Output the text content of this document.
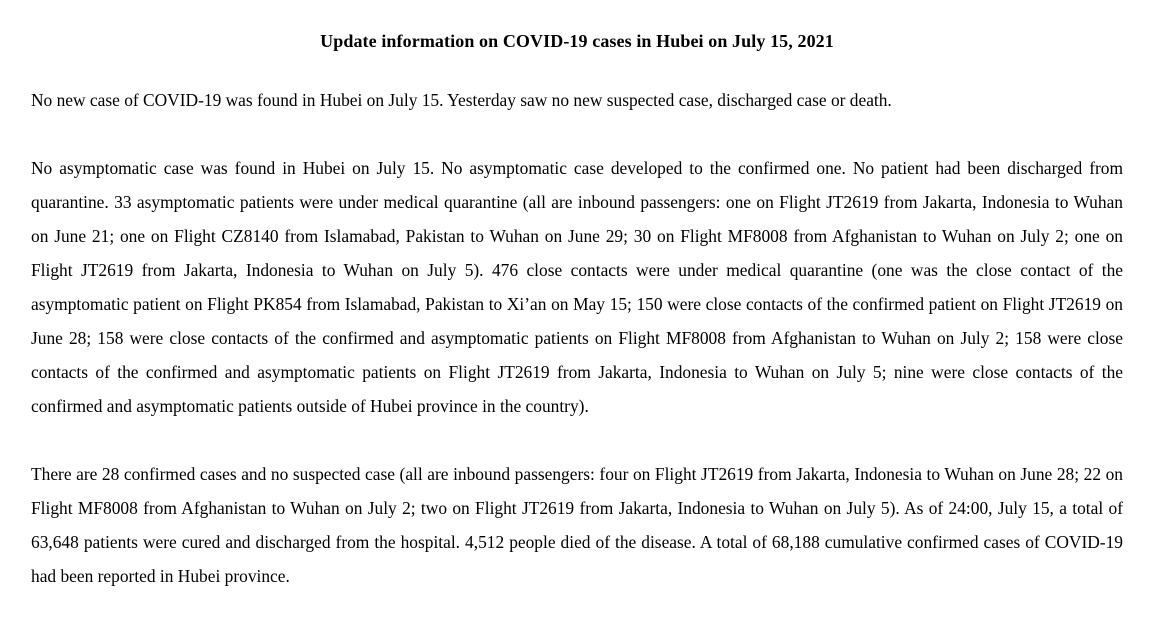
Update information on COVID-19 cases in Hubei on July 15, 2021

No new case of COVID-19 was found in Hubei on July 15. Yesterday saw no new suspected case, discharged case or death.

No asymptomatic case was found in Hubei on July 15. No asymptomatic case developed to the confirmed one. No patient had been discharged from quarantine. 33 asymptomatic patients were under medical quarantine (all are inbound passengers: one on Flight JT2619 from Jakarta, Indonesia to Wuhan on June 21; one on Flight CZ8140 from Islamabad, Pakistan to Wuhan on June 29; 30 on Flight MF8008 from Afghanistan to Wuhan on July 2; one on Flight JT2619 from Jakarta, Indonesia to Wuhan on July 5). 476 close contacts were under medical quarantine (one was the close contact of the asymptomatic patient on Flight PK854 from Islamabad, Pakistan to Xi’an on May 15; 150 were close contacts of the confirmed patient on Flight JT2619 on June 28; 158 were close contacts of the confirmed and asymptomatic patients on Flight MF8008 from Afghanistan to Wuhan on July 2; 158 were close contacts of the confirmed and asymptomatic patients on Flight JT2619 from Jakarta, Indonesia to Wuhan on July 5; nine were close contacts of the confirmed and asymptomatic patients outside of Hubei province in the country).

There are 28 confirmed cases and no suspected case (all are inbound passengers: four on Flight JT2619 from Jakarta, Indonesia to Wuhan on June 28; 22 on Flight MF8008 from Afghanistan to Wuhan on July 2; two on Flight JT2619 from Jakarta, Indonesia to Wuhan on July 5). As of 24:00, July 15, a total of 63,648 patients were cured and discharged from the hospital. 4,512 people died of the disease. A total of 68,188 cumulative confirmed cases of COVID-19 had been reported in Hubei province.
